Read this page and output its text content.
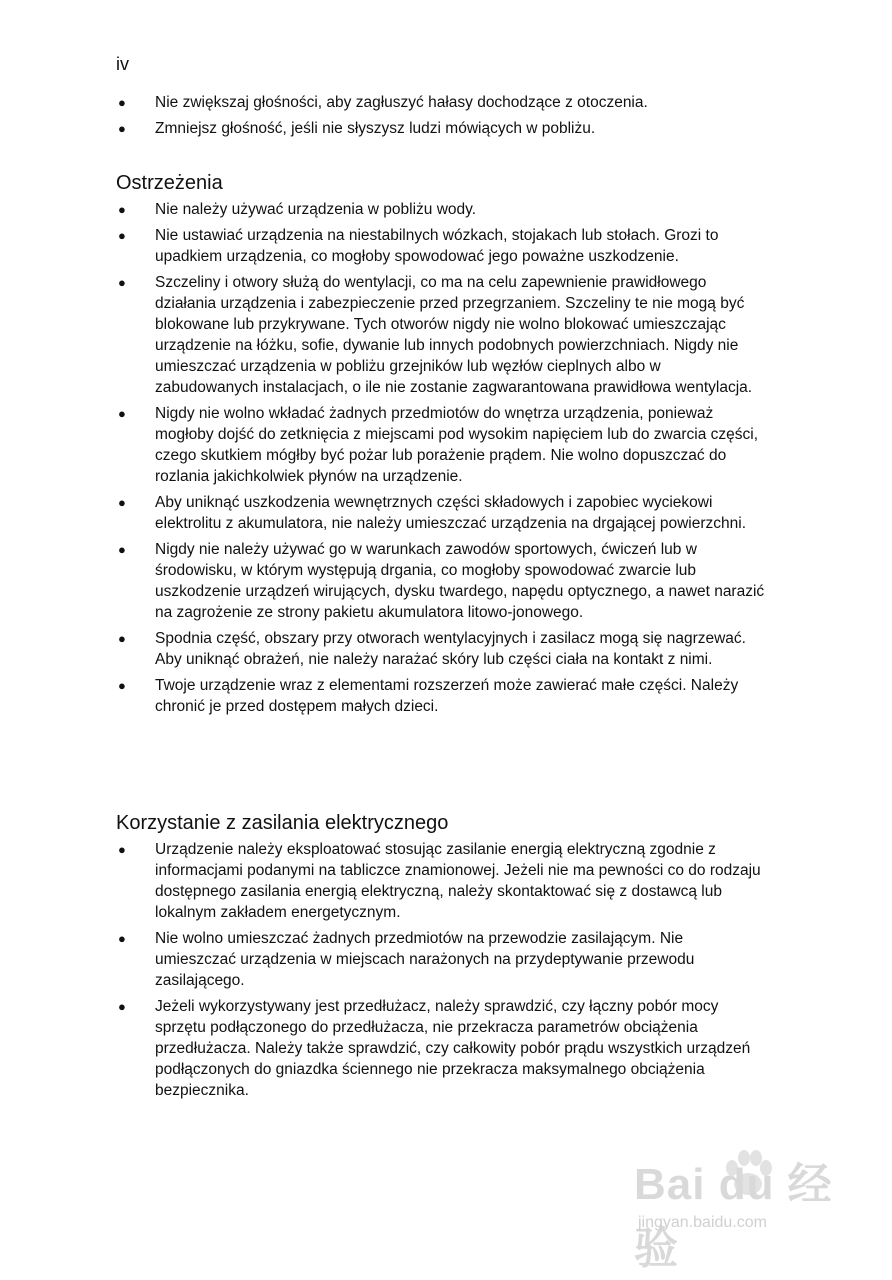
iv
● Nie zwiększaj głośności, aby zagłuszyć hałasy dochodzące z otoczenia.
● Zmniejsz głośność, jeśli nie słyszysz ludzi mówiących w pobliżu.
Ostrzeżenia
● Nie należy używać urządzenia w pobliżu wody.
● Nie ustawiać urządzenia na niestabilnych wózkach, stojakach lub stołach. Grozi to upadkiem urządzenia, co mogłoby spowodować jego poważne uszkodzenie.
● Szczeliny i otwory służą do wentylacji, co ma na celu zapewnienie prawidłowego działania urządzenia i zabezpieczenie przed przegrzaniem. Szczeliny te nie mogą być blokowane lub przykrywane. Tych otworów nigdy nie wolno blokować umieszczając urządzenie na łóżku, sofie, dywanie lub innych podobnych powierzchniach. Nigdy nie umieszczać urządzenia w pobliżu grzejników lub węzłów cieplnych albo w zabudowanych instalacjach, o ile nie zostanie zagwarantowana prawidłowa wentylacja.
● Nigdy nie wolno wkładać żadnych przedmiotów do wnętrza urządzenia, ponieważ mogłoby dojść do zetknięcia z miejscami pod wysokim napięciem lub do zwarcia części, czego skutkiem mógłby być pożar lub porażenie prądem. Nie wolno dopuszczać do rozlania jakichkolwiek płynów na urządzenie.
● Aby uniknąć uszkodzenia wewnętrznych części składowych i zapobiec wyciekowi elektrolitu z akumulatora, nie należy umieszczać urządzenia na drgającej powierzchni.
● Nigdy nie należy używać go w warunkach zawodów sportowych, ćwiczeń lub w środowisku, w którym występują drgania, co mogłoby spowodować zwarcie lub uszkodzenie urządzeń wirujących, dysku twardego, napędu optycznego, a nawet narazić na zagrożenie ze strony pakietu akumulatora litowo-jonowego.
● Spodnia część, obszary przy otworach wentylacyjnych i zasilacz mogą się nagrzewać. Aby uniknąć obrażeń, nie należy narażać skóry lub części ciała na kontakt z nimi.
● Twoje urządzenie wraz z elementami rozszerzeń może zawierać małe części. Należy chronić je przed dostępem małych dzieci.
Korzystanie z zasilania elektrycznego
● Urządzenie należy eksploatować stosując zasilanie energią elektryczną zgodnie z informacjami podanymi na tabliczce znamionowej. Jeżeli nie ma pewności co do rodzaju dostępnego zasilania energią elektryczną, należy skontaktować się z dostawcą lub lokalnym zakładem energetycznym.
● Nie wolno umieszczać żadnych przedmiotów na przewodzie zasilającym. Nie umieszczać urządzenia w miejscach narażonych na przydeptywanie przewodu zasilającego.
● Jeżeli wykorzystywany jest przedłużacz, należy sprawdzić, czy łączny pobór mocy sprzętu podłączonego do przedłużacza, nie przekracza parametrów obciążenia przedłużacza. Należy także sprawdzić, czy całkowity pobór prądu wszystkich urządzeń podłączonych do gniazdka ściennego nie przekracza maksymalnego obciążenia bezpiecznika.
Bai du 经验
jingyan.baidu.com
